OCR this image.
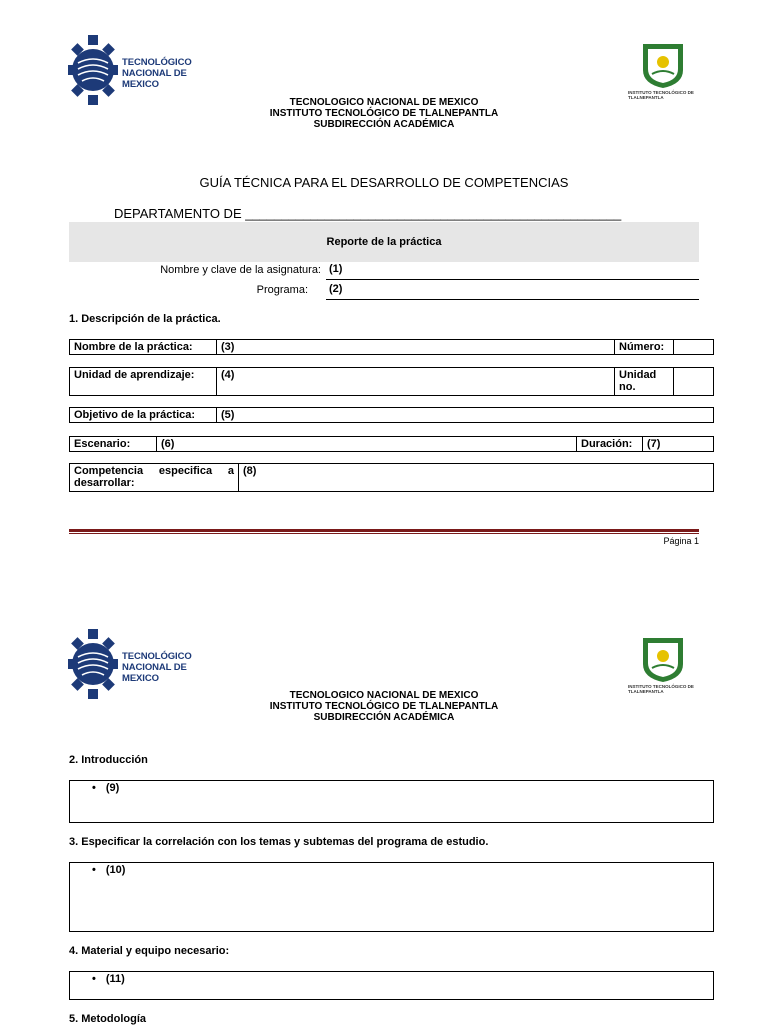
TECNOLÓGICO
NACIONAL DE MEXICO
INSTITUTO TECNOLÓGICO DE
TLALNEPANTLA
TECNOLOGICO NACIONAL DE MEXICO
INSTITUTO TECNOLÓGICO DE TLALNEPANTLA
SUBDIRECCIÓN ACADÉMICA
GUÍA TÉCNICA PARA EL DESARROLLO DE COMPETENCIAS
DEPARTAMENTO DE ____________________________________________________
Reporte de la práctica
Nombre y clave de la asignatura: (1)
Programa: (2)
1. Descripción de la práctica.
Nombre de la práctica:	(3)	Número:
Unidad de aprendizaje:	(4)	Unidad no.
Objetivo de la práctica:	(5)
Escenario:	(6)	Duración:	(7)
Competencia especifica a desarrollar:
(8)
Página 1
TECNOLÓGICO
NACIONAL DE MEXICO
INSTITUTO TECNOLÓGICO DE
TLALNEPANTLA
TECNOLOGICO NACIONAL DE MEXICO
INSTITUTO TECNOLÓGICO DE TLALNEPANTLA
SUBDIRECCIÓN ACADÉMICA
2. Introducción
• (9)
3. Especificar la correlación con los temas y subtemas del programa de estudio.
• (10)
4. Material y equipo necesario:
• (11)
5. Metodología
